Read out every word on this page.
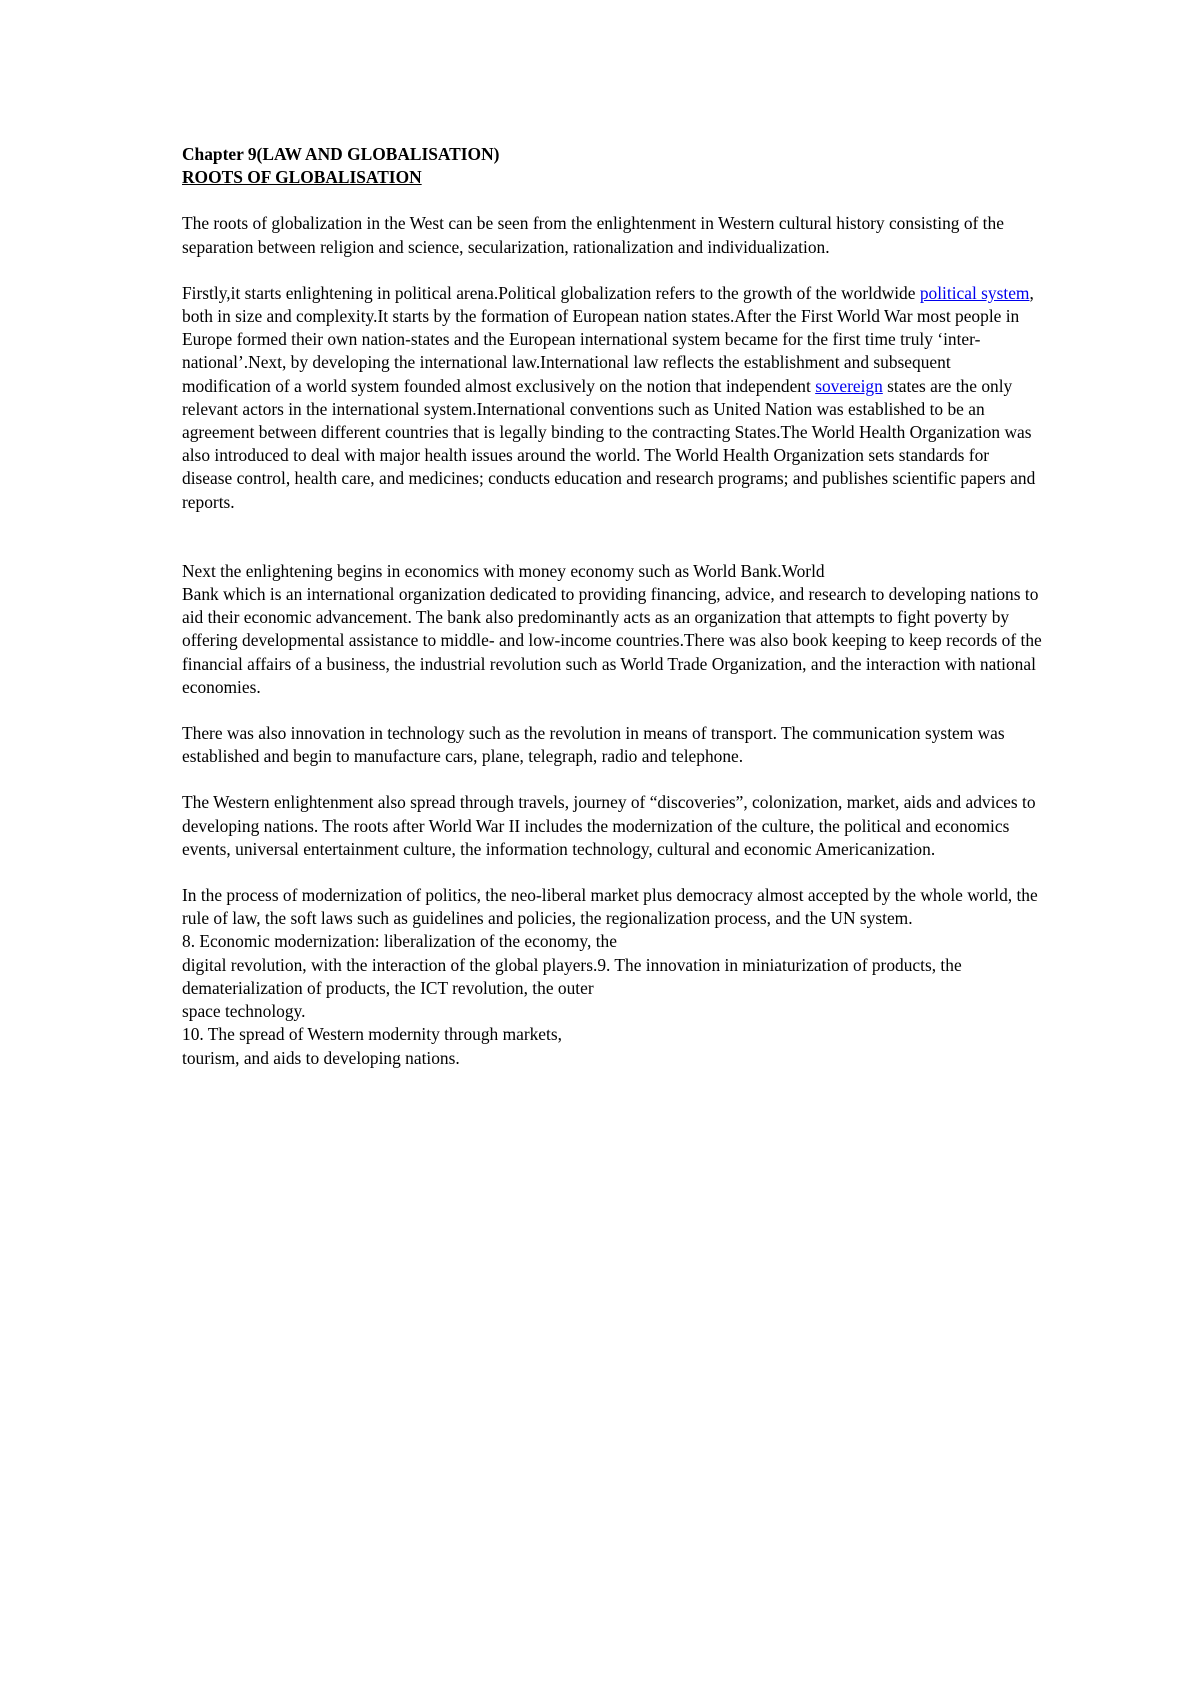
Chapter 9(LAW AND GLOBALISATION)
ROOTS OF GLOBALISATION

The roots of globalization in the West can be seen from the enlightenment in Western cultural history consisting of the separation between religion and science, secularization, rationalization and individualization.

Firstly,it starts enlightening in political arena.Political globalization refers to the growth of the worldwide political system, both in size and complexity.It starts by the formation of European nation states.After the First World War most people in Europe formed their own nation-states and the European international system became for the first time truly ‘inter-national’.Next, by developing the international law.International law reflects the establishment and subsequent modification of a world system founded almost exclusively on the notion that independent sovereign states are the only relevant actors in the international system.International conventions such as United Nation was established to be an agreement between different countries that is legally binding to the contracting States.The World Health Organization was also introduced to deal with major health issues around the world. The World Health Organization sets standards for disease control, health care, and medicines; conducts education and research programs; and publishes scientific papers and reports.

Next the enlightening begins in economics with money economy such as World Bank.World
Bank which is an international organization dedicated to providing financing, advice, and research to developing nations to aid their economic advancement. The bank also predominantly acts as an organization that attempts to fight poverty by offering developmental assistance to middle- and low-income countries.There was also book keeping to keep records of the financial affairs of a business, the industrial revolution such as World Trade Organization, and the interaction with national economies.

There was also innovation in technology such as the revolution in means of transport. The communication system was established and begin to manufacture cars, plane, telegraph, radio and telephone.

The Western enlightenment also spread through travels, journey of “discoveries”, colonization, market, aids and advices to developing nations. The roots after World War II includes the modernization of the culture, the political and economics events, universal entertainment culture, the information technology, cultural and economic Americanization.

In the process of modernization of politics, the neo-liberal market plus democracy almost accepted by the whole world, the rule of law, the soft laws such as guidelines and policies, the regionalization process, and the UN system.
8. Economic modernization: liberalization of the economy, the
digital revolution, with the interaction of the global players.9. The innovation in miniaturization of products, the
dematerialization of products, the ICT revolution, the outer
space technology.
10. The spread of Western modernity through markets,
tourism, and aids to developing nations.
